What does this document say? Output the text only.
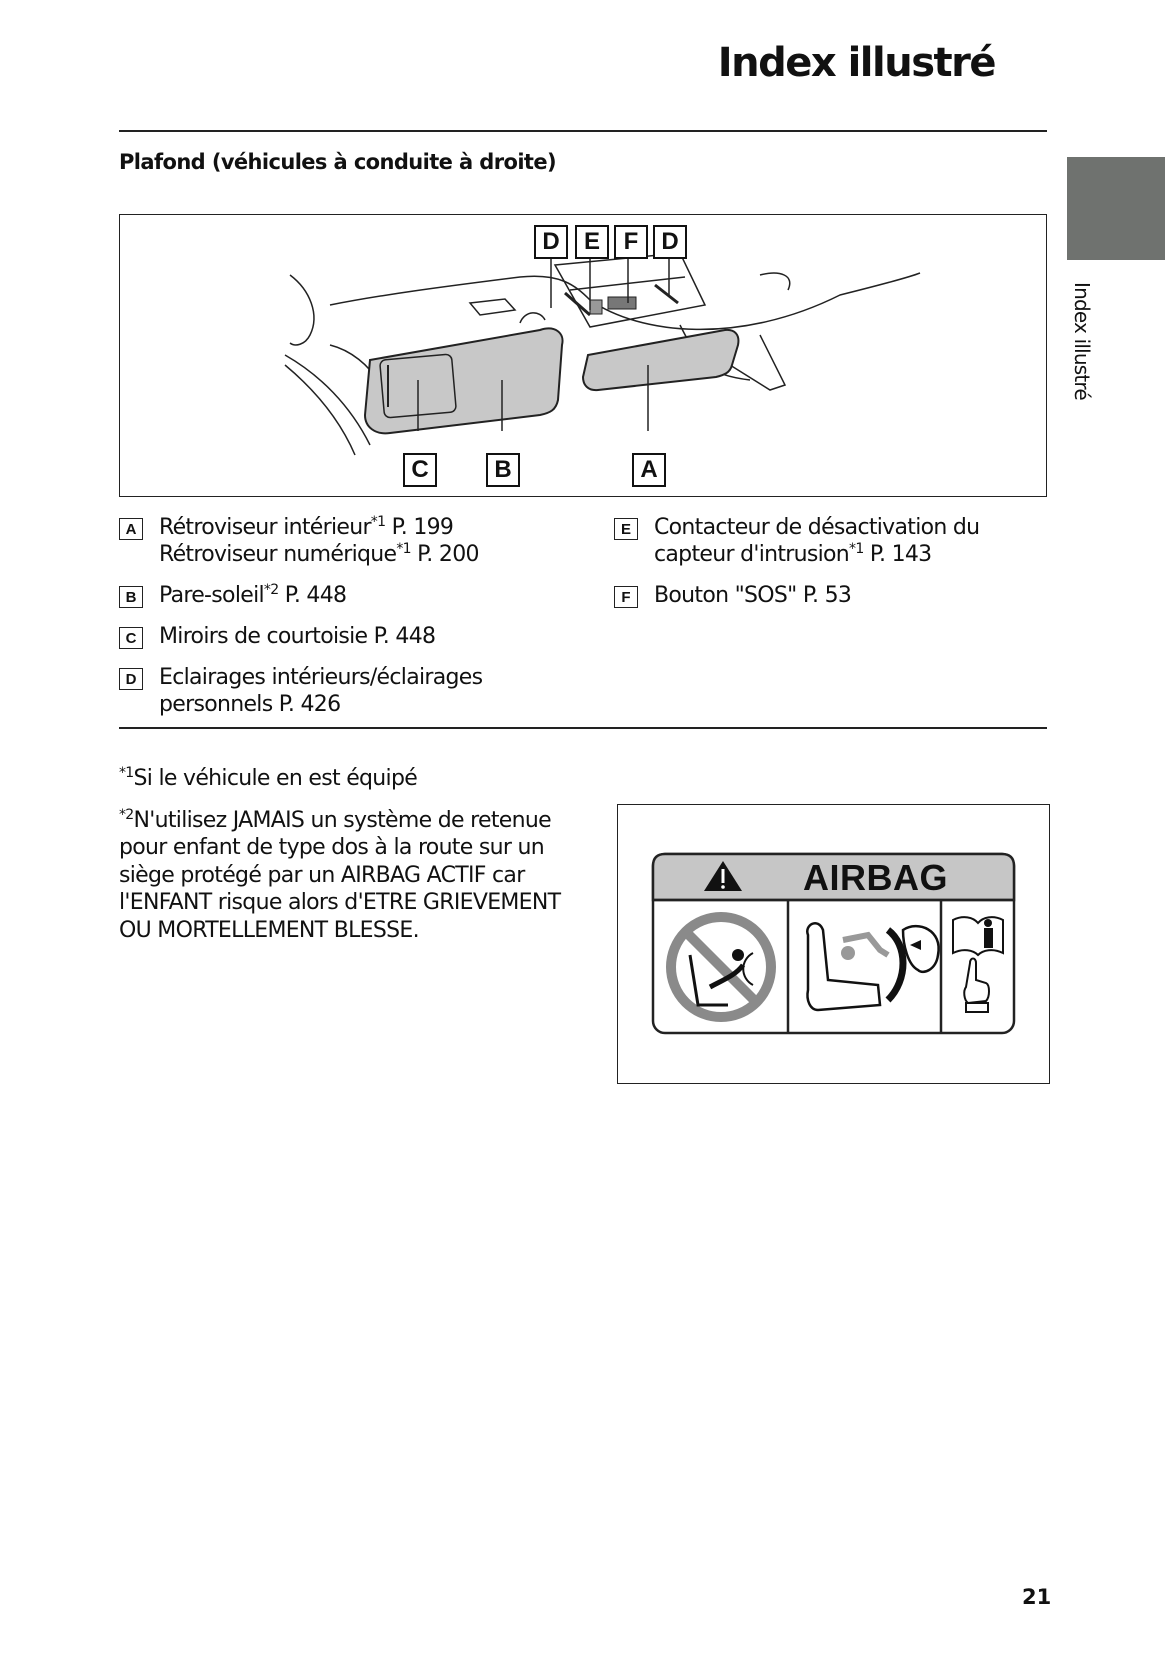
Index illustré
Index illustré
Plafond (véhicules à conduite à droite)
D	E F D
C	B	A
A Rétroviseur intérieur$^{*1}$ P. 199
Rétroviseur numérique$^{*1}$ P. 200
B Pare-soleil$^{*2}$ P. 448
C Miroirs de courtoisie P. 448
D Eclairages intérieurs/éclairages
personnels P. 426
E	Contacteur de désactivation du
capteur d'intrusion$^{*1}$ P. 143
F	Bouton "SOS" P. 53

$^{*1}$Si le véhicule en est équipé

$^{*2}$N'utilisez JAMAIS un système de retenue pour enfant de type dos à la route sur un siège protégé par un AIRBAG ACTIF car l'ENFANT risque alors d'ETRE GRIEVEMENT OU MORTELLEMENT BLESSE.

AIRBAG
21
